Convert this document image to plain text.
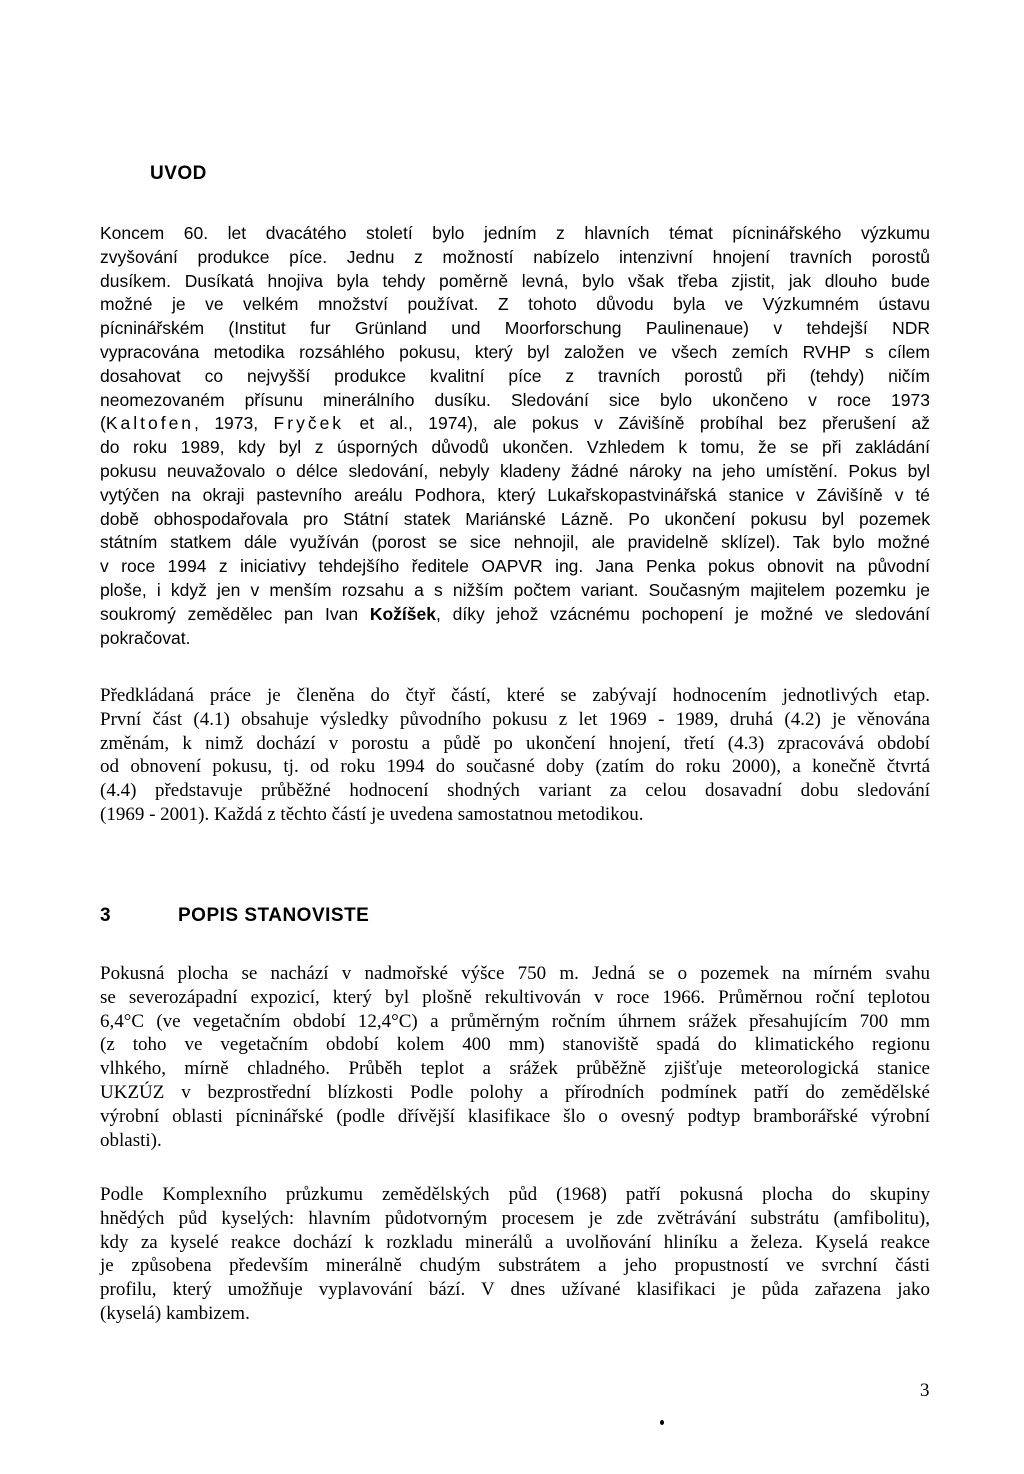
UVOD
Koncem 60. let dvacátého století bylo jedním z hlavních témat pícninářského výzkumu
zvyšování produkce píce. Jednu z možností nabízelo intenzivní hnojení travních porostů
dusíkem. Dusíkatá hnojiva byla tehdy poměrně levná, bylo však třeba zjistit, jak dlouho bude
možné je ve velkém množství používat. Z tohoto důvodu byla ve Výzkumném ústavu
pícninářském (Institut fur Grünland und Moorforschung Paulinenaue) v tehdejší NDR
vypracována metodika rozsáhlého pokusu, který byl založen ve všech zemích RVHP s cílem
dosahovat co nejvyšší produkce kvalitní píce z travních porostů při (tehdy) ničím
neomezovaném přísunu minerálního dusíku. Sledování sice bylo ukončeno v roce 1973
(Kaltofen, 1973, Fryček et al., 1974), ale pokus v Závišíně probíhal bez přerušení až
do roku 1989, kdy byl z úsporných důvodů ukončen. Vzhledem k tomu, že se při zakládání
pokusu neuvažovalo o délce sledování, nebyly kladeny žádné nároky na jeho umístění. Pokus byl
vytýčen na okraji pastevního areálu Podhora, který Lukařskopastvinářská stanice v Závišíně v té
době obhospodařovala pro Státní statek Mariánské Lázně. Po ukončení pokusu byl pozemek
státním statkem dále využíván (porost se sice nehnojil, ale pravidelně sklízel). Tak bylo možné
v roce 1994 z iniciativy tehdejšího ředitele OAPVR ing. Jana Penka pokus obnovit na původní
ploše, i když jen v menším rozsahu a s nižším počtem variant. Současným majitelem pozemku je
soukromý zemědělec pan Ivan Kožíšek, díky jehož vzácnému pochopení je možné ve sledování
pokračovat.
Předkládaná práce je členěna do čtyř částí, které se zabývají hodnocením jednotlivých etap.
První část (4.1) obsahuje výsledky původního pokusu z let 1969 - 1989, druhá (4.2) je věnována
změnám, k nimž dochází v porostu a půdě po ukončení hnojení, třetí (4.3) zpracovává období
od obnovení pokusu, tj. od roku 1994 do současné doby (zatím do roku 2000), a konečně čtvrtá
(4.4) představuje průběžné hodnocení shodných variant za celou dosavadní dobu sledování
(1969 - 2001). Každá z těchto částí je uvedena samostatnou metodikou.
3	POPIS STANOVISTE
Pokusná plocha se nachází v nadmořské výšce 750 m. Jedná se o pozemek na mírném svahu
se severozápadní expozicí, který byl plošně rekultivován v roce 1966. Průměrnou roční teplotou
6,4°C (ve vegetačním období 12,4°C) a průměrným ročním úhrnem srážek přesahujícím 700 mm
(z toho ve vegetačním období kolem 400 mm) stanoviště spadá do klimatického regionu
vlhkého, mírně chladného. Průběh teplot a srážek průběžně zjišťuje meteorologická stanice
UKZÚZ v bezprostřední blízkosti Podle polohy a přírodních podmínek patří do zemědělské
výrobní oblasti pícninářské (podle dřívější klasifikace šlo o ovesný podtyp bramborářské výrobní
oblasti).
Podle Komplexního průzkumu zemědělských půd (1968) patří pokusná plocha do skupiny
hnědých půd kyselých: hlavním půdotvorným procesem je zde zvětrávání substrátu (amfibolitu),
kdy za kyselé reakce dochází k rozkladu minerálů a uvolňování hliníku a železa. Kyselá reakce
je způsobena především minerálně chudým substrátem a jeho propustností ve svrchní části
profilu, který umožňuje vyplavování bází. V dnes užívané klasifikaci je půda zařazena jako
(kyselá) kambizem.
3
